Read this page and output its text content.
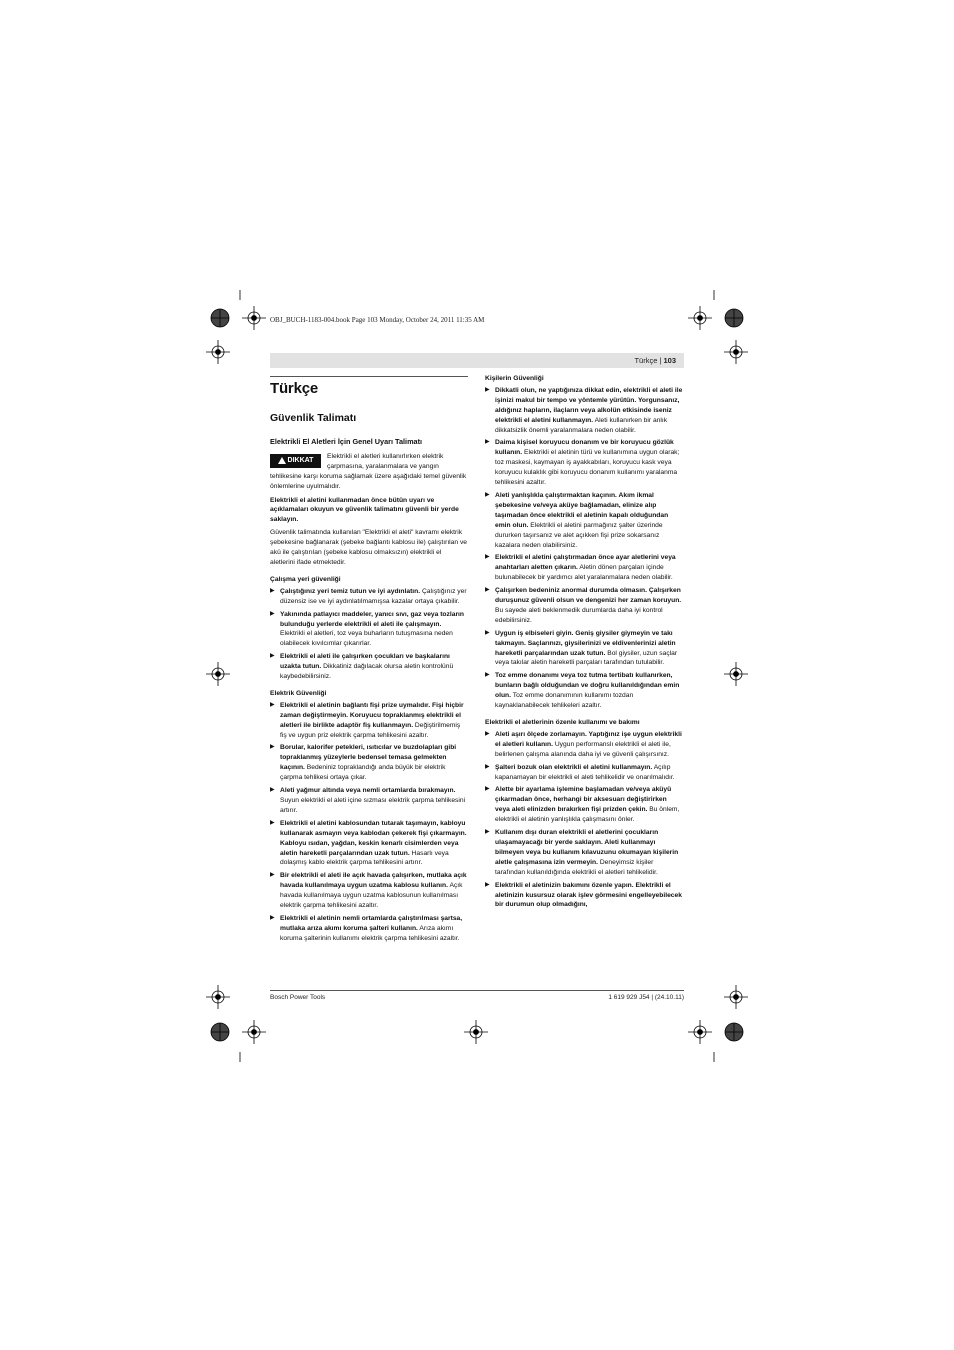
OBJ_BUCH-1183-004.book Page 103 Monday, October 24, 2011 11:35 AM
Türkçe | 103
Türkçe
Güvenlik Talimatı
Elektrikli El Aletleri İçin Genel Uyarı Talimatı
DIKKAT
Elektrikli el aletleri kullanırlırken elektrik çarpmasına, yaralanmalara ve yangın tehlikesine karşı koruma sağlamak üzere aşağıdaki temel güvenlik önlemlerine uyulmalıdır.
Elektrikli el aletini kullanmadan önce bütün uyarı ve açıklamaları okuyun ve güvenlik talimatını güvenli bir yerde saklayın.
Güvenlik talimatında kullanılan "Elektrikli el aleti" kavramı elektrik şebekesine bağlanarak (şebeke bağlantı kablosu ile) çalıştırılan ve akü ile çalıştırılan (şebeke kablosu olmaksızın) elektrikli el aletlerini ifade etmektedir.
Çalışma yeri güvenliği
▶ Çalıştığınız yeri temiz tutun ve iyi aydınlatın. Çalıştığınız yer düzensiz ise ve iyi aydınlatılmamışsa kazalar ortaya çıkabilir.
▶ Yakınında patlayıcı maddeler, yanıcı sıvı, gaz veya tozların bulunduğu yerlerde elektrikli el aleti ile çalışmayın. Elektrikli el aletleri, toz veya buharların tutuşmasına neden olabilecek kıvılcımlar çıkarırlar.
▶ Elektrikli el aleti ile çalışırken çocukları ve başkalarını uzakta tutun. Dikkatiniz dağılacak olursa aletin kontrolünü kaybedebilirsiniz.
Elektrik Güvenliği
▶ Elektrikli el aletinin bağlantı fişi prize uymalıdır. Fişi hiçbir zaman değiştirmeyin. Koruyucu topraklanmış elektrikli el aletleri ile birlikte adaptör fiş kullanmayın. Değiştirilmemiş fiş ve uygun priz elektrik çarpma tehlikesini azaltır.
▶ Borular, kalorifer petekleri, ısıtıcılar ve buzdolapları gibi topraklanmış yüzeylerle bedensel temasa gelmekten kaçının. Bedeniniz topraklandığı anda büyük bir elektrik çarpma tehlikesi ortaya çıkar.
▶ Aleti yağmur altında veya nemli ortamlarda bırakmayın. Suyun elektrikli el aleti içine sızması elektrik çarpma tehlikesini artırır.
▶ Elektrikli el aletini kablosundan tutarak taşımayın, kabloyu kullanarak asmayın veya kablodan çekerek fişi çıkarmayın. Kabloyu ısıdan, yağdan, keskin kenarlı cisimlerden veya aletin hareketli parçalarından uzak tutun. Hasarlı veya dolaşmış kablo elektrik çarpma tehlikesini artırır.
▶ Bir elektrikli el aleti ile açık havada çalışırken, mutlaka açık havada kullanılmaya uygun uzatma kablosu kullanın. Açık havada kullanılmaya uygun uzatma kablosunun kullanılması elektrik çarpma tehlikesini azaltır.
▶ Elektrikli el aletinin nemli ortamlarda çalıştırılması şartsa, mutlaka arıza akımı koruma şalteri kullanın. Arıza akımı koruma şalterinin kullanımı elektrik çarpma tehlikesini azaltır.
Kişilerin Güvenliği
▶ Dikkatli olun, ne yaptığınıza dikkat edin, elektrikli el aleti ile işinizi makul bir tempo ve yöntemle yürütün. Yorgunsanız, aldığınız hapların, ilaçların veya alkolün etkisinde iseniz elektrikli el aletini kullanmayın. Aleti kullanırken bir anlık dikkatsizlik önemli yaralanmalara neden olabilir.
▶ Daima kişisel koruyucu donanım ve bir koruyucu gözlük kullanın. Elektrikli el aletinin türü ve kullanımına uygun olarak; toz maskesi, kaymayan iş ayakkabıları, koruyucu kask veya koruyucu kulaklık gibi koruyucu donanım kullanımı yaralanma tehlikesini azaltır.
▶ Aleti yanlışlıkla çalıştırmaktan kaçının. Akım ikmal şebekesine ve/veya aküye bağlamadan, elinize alıp taşımadan önce elektrikli el aletinin kapalı olduğundan emin olun. Elektrikli el aletini parmağınız şalter üzerinde dururken taşırsanız ve alet açıkken fişi prize sokarsanız kazalara neden olabilirsiniz.
▶ Elektrikli el aletini çalıştırmadan önce ayar aletlerini veya anahtarları aletten çıkarın. Aletin dönen parçaları içinde bulunabilecek bir yardımcı alet yaralanmalara neden olabilir.
▶ Çalışırken bedeniniz anormal durumda olmasın. Çalışırken duruşunuz güvenli olsun ve dengenizi her zaman koruyun. Bu sayede aleti beklenmedik durumlarda daha iyi kontrol edebilirsiniz.
▶ Uygun iş elbiseleri giyin. Geniş giysiler giymeyin ve takı takmayın. Saçlarınızı, giysilerinizi ve eldivenlerinizi aletin hareketli parçalarından uzak tutun. Bol giysiler, uzun saçlar veya takılar aletin hareketli parçaları tarafından tutulabilir.
▶ Toz emme donanımı veya toz tutma tertibatı kullanırken, bunların bağlı olduğundan ve doğru kullanıldığından emin olun. Toz emme donanımının kullanımı tozdan kaynaklanabilecek tehlikeleri azaltır.
Elektrikli el aletlerinin özenle kullanımı ve bakımı
▶ Aleti aşırı ölçede zorlamayın. Yaptığınız işe uygun elektrikli el aletleri kullanın. Uygun performanslı elektrikli el aleti ile, belirlenen çalışma alanında daha iyi ve güvenli çalışırsınız.
▶ Şalteri bozuk olan elektrikli el aletini kullanmayın. Açılıp kapanamayan bir elektrikli el aleti tehlikelidir ve onarılmalıdır.
▶ Alette bir ayarlama işlemine başlamadan ve/veya aküyü çıkarmadan önce, herhangi bir aksesuarı değiştirirken veya aleti elinizden bırakırken fişi prizden çekin. Bu önlem, elektrikli el aletinin yanlışlıkla çalışmasını önler.
▶ Kullanım dışı duran elektrikli el aletlerini çocukların ulaşamayacağı bir yerde saklayın. Aleti kullanmayı bilmeyen veya bu kullanım kılavuzunu okumayan kişilerin aletle çalışmasına izin vermeyin. Deneyimsiz kişiler tarafından kullanıldığında elektrikli el aletleri tehlikelidir.
▶ Elektrikli el aletinizin bakımını özenle yapın. Elektrikli el aletinizin kusursuz olarak işlev görmesini engelleyebilecek bir durumun olup olmadığını,
Bosch Power Tools	1 619 929 J54 | (24.10.11)
